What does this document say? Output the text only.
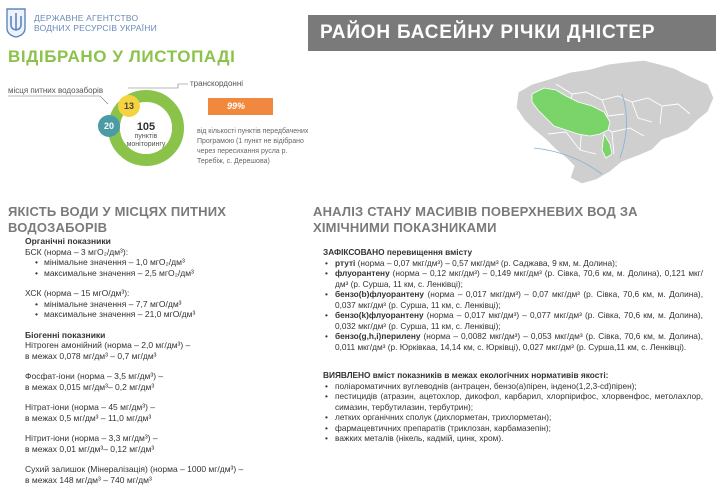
ДЕРЖАВНЕ АГЕНТСТВО
ВОДНИХ РЕСУРСІВ УКРАЇНИ	РАЙОН БАСЕЙНУ РІЧКИ ДНІСТЕР
ВІДІБРАНО У ЛИСТОПАДІ
транскордонні
місця питних водозаборів
105
пунктів
моніторингу
20
13	99%
від кількості пунктів передбачених Програмою (1 пункт не відібрано через пересихання русла р. Теребіж, с. Дерешова)
ЯКІСТЬ ВОДИ У МІСЦЯХ ПИТНИХ ВОДОЗАБОРІВ
Органічні показники
БСК (норма – 3 мгО₂/дм³):
• мінімальне значення – 1,0 мгО₂/дм³
• максимальне значення – 2,5 мгО₂/дм³
ХСК (норма – 15 мгО/дм³):
• мінімальне значення – 7,7 мгО/дм³
• максимальне значення – 21,0 мгО/дм³
Біогенні показники
Нітроген амонійний (норма – 2,0 мг/дм³) –
в межах 0,078 мг/дм³ – 0,7 мг/дм³
Фосфат-іони (норма – 3,5 мг/дм³) –
в межах 0,015 мг/дм³– 0,2 мг/дм³
Нітрат-іони (норма – 45 мг/дм³) –
в межах 0,5 мг/дм³ – 11,0 мг/дм³
Нітрит-іони (норма – 3,3 мг/дм³) –
в межах 0,01 мг/дм³– 0,12 мг/дм³
Сухий залишок (Мінералізація) (норма – 1000 мг/дм³) –
в межах 148 мг/дм³ – 740 мг/дм³
АНАЛІЗ СТАНУ МАСИВІВ ПОВЕРХНЕВИХ ВОД ЗА ХІМІЧНИМИ ПОКАЗНИКАМИ
ЗАФІКСОВАНО перевищення вмісту
• ртуті (норма – 0,07 мкг/дм³) – 0,57 мкг/дм³ (р. Саджава, 9 км, м. Долина);
• флуорантену (норма – 0,12 мкг/дм³) – 0,149 мкг/дм³ (р. Сівка, 70,6 км, м. Долина), 0,121 мкг/дм³ (р. Сурша, 11 км, с. Ленківці);
• бензо(b)флуорантену (норма – 0,017 мкг/дм³) – 0,07 мкг/дм³ (р. Сівка, 70,6 км, м. Долина), 0,037 мкг/дм³ (р. Сурша, 11 км, с. Ленківці);
• бензо(k)флуорантену (норма – 0,017 мкг/дм³) – 0,077 мкг/дм³ (р. Сівка, 70,6 км, м. Долина), 0,032 мкг/дм³ (р. Сурша, 11 км, с. Ленківці);
• бензо(g,h,i)перилену (норма – 0,0082 мкг/дм³) – 0,053 мкг/дм³ (р. Сівка, 70,6 км, м. Долина), 0,011 мкг/дм³ (р. Юрківкаа, 14,14 км, с. Юрківці), 0,027 мкг/дм³ (р. Сурша,11 км, с. Ленківці).
ВИЯВЛЕНО вміст показників в межах екологічних нормативів якості:
• поліароматичних вуглеводнів (антрацен, бензо(а)пірен, індено(1,2,3-cd)пірен);
• пестицидів (атразин, ацетохлор, дикофол, карбарил, хлорпірифос, хлорвенфос, метолахлор, симазин, тербутилазин, тербутрин);
• летких органічних сполук (дихлорметан, трихлорметан);
• фармацевтичних препаратів (триклозан, карбамазепін);
• важких металів (нікель, кадмій, цинк, хром).
